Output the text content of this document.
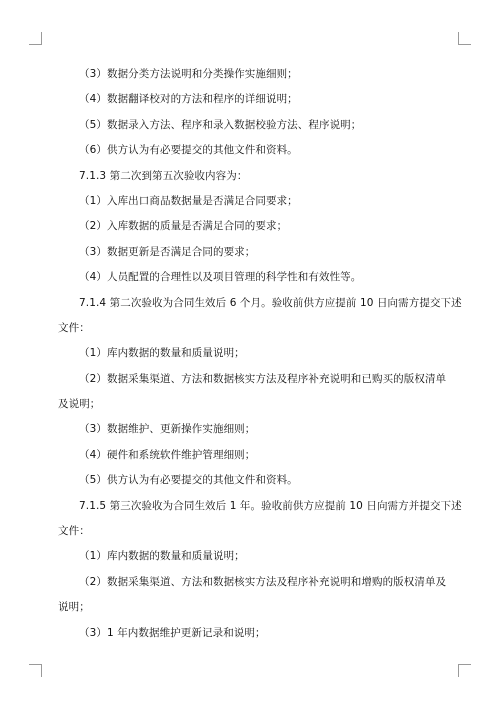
（3）数据分类方法说明和分类操作实施细则；
（4）数据翻译校对的方法和程序的详细说明；
（5）数据录入方法、程序和录入数据校验方法、程序说明；
（6）供方认为有必要提交的其他文件和资料。
7.1.3 第二次到第五次验收内容为：
（1）入库出口商品数据量是否满足合同要求；
（2）入库数据的质量是否满足合同的要求；
（3）数据更新是否满足合同的要求；
（4）人员配置的合理性以及项目管理的科学性和有效性等。
7.1.4 第二次验收为合同生效后 6 个月。验收前供方应提前 10 日向需方提交下述
文件：
（1）库内数据的数量和质量说明；
（2）数据采集渠道、方法和数据核实方法及程序补充说明和已购买的版权清单
及说明；
（3）数据维护、更新操作实施细则；
（4）硬件和系统软件维护管理细则；
（5）供方认为有必要提交的其他文件和资料。
7.1.5 第三次验收为合同生效后 1 年。验收前供方应提前 10 日向需方并提交下述
文件：
（1）库内数据的数量和质量说明；
（2）数据采集渠道、方法和数据核实方法及程序补充说明和增购的版权清单及
说明；
（3）1 年内数据维护更新记录和说明；
